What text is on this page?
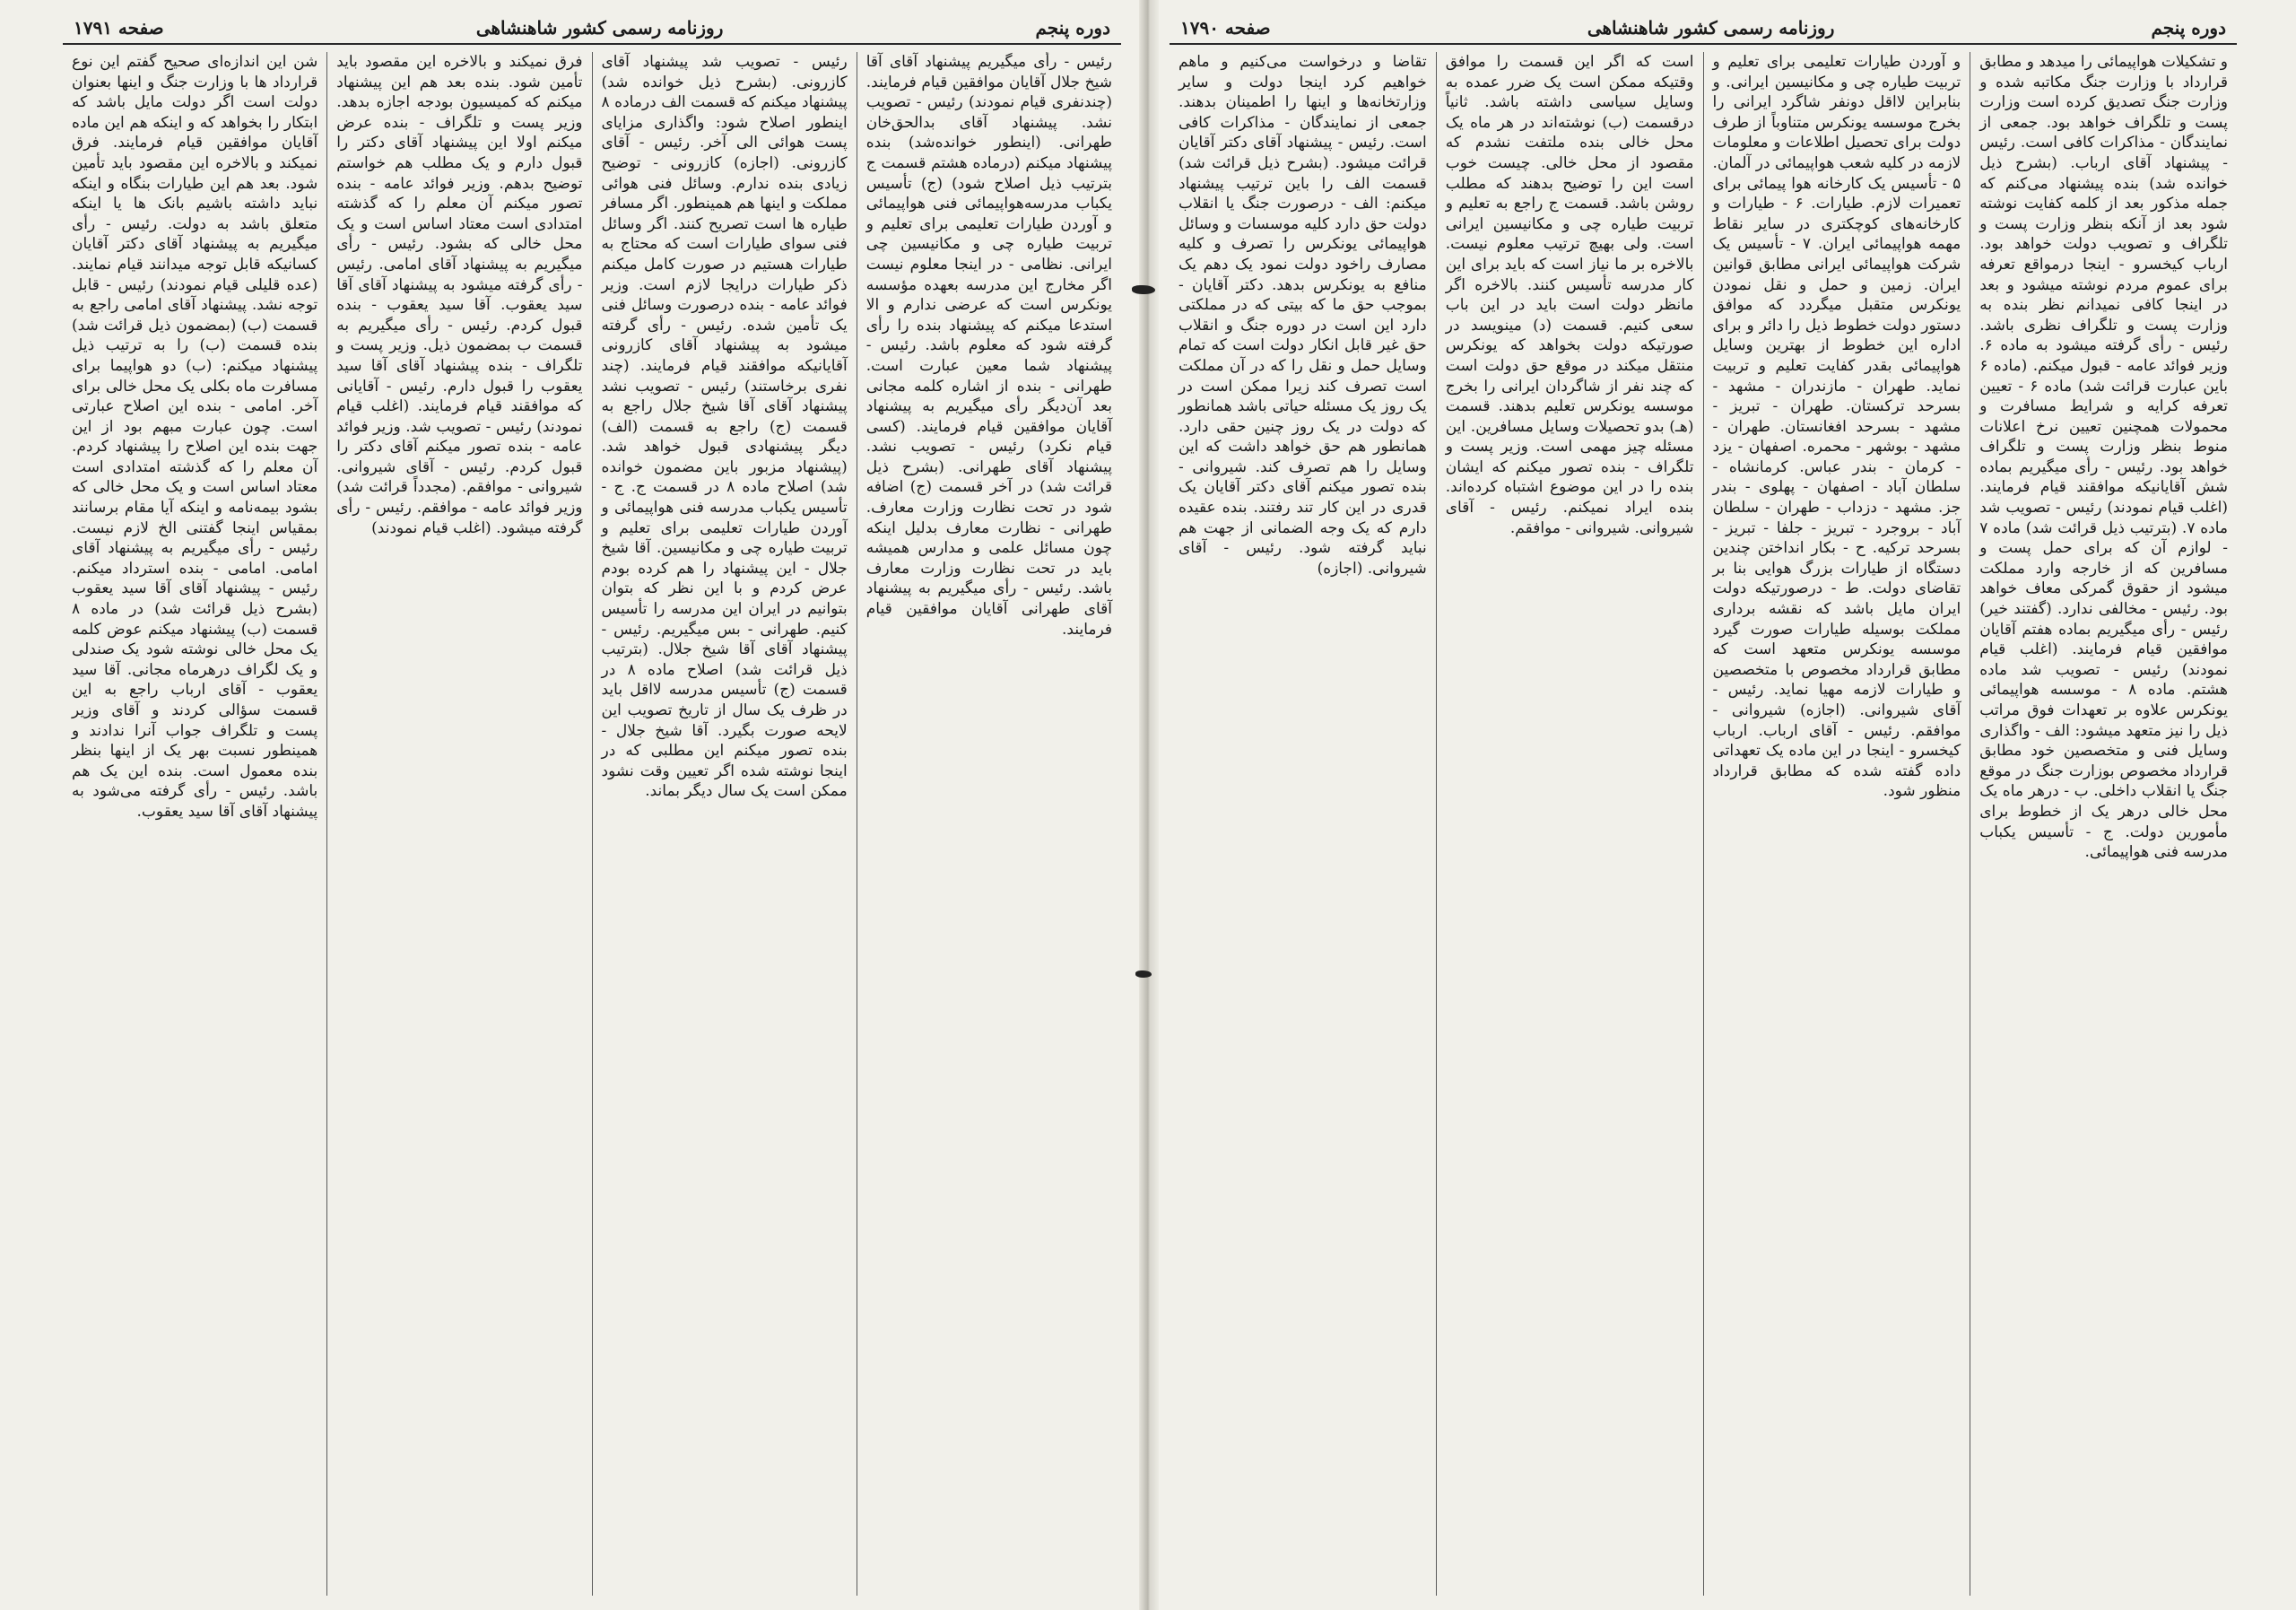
دوره پنجم
روزنامه رسمی کشور شاهنشاهی
صفحه ۱۷۹۱

رئیس - رأی میگیریم پیشنهاد آقای آقا شیخ جلال آقایان موافقین قیام فرمایند. (چندنفری قیام نمودند) رئیس - تصویب نشد. پیشنهاد آقای بدالحق‌خان طهرانی. (اینطور خوانده‌شد) بنده پیشنهاد میکنم (درماده هشتم قسمت ج بترتیب ذیل اصلاح شود) (ج) تأسیس یکباب مدرسه‌هواپیمائی فنی هواپیمائی و آوردن طیارات تعلیمی برای تعلیم و تربیت طیاره چی و مکانیسین چی ایرانی. نظامی - در اینجا معلوم نیست اگر مخارج این مدرسه بعهده مؤسسه یونکرس است که عرضی ندارم و الا استدعا میکنم که پیشنهاد بنده را رأی گرفته شود که معلوم باشد. رئیس - پیشنهاد شما معین عبارت است. طهرانی - بنده از اشاره کلمه مجانی بعد آن‌دیگر رأی میگیریم به پیشنهاد آقایان موافقین قیام فرمایند. (کسی قیام نکرد) رئیس - تصویب نشد. پیشنهاد آقای طهرانی. (بشرح ذیل قرائت شد) در آخر قسمت (ج) اضافه شود در تحت نظارت وزارت معارف. طهرانی - نظارت معارف بدلیل اینکه چون مسائل علمی و مدارس همیشه باید در تحت نظارت وزارت معارف باشد. رئیس - رأی میگیریم به پیشنهاد آقای طهرانی آقایان موافقین قیام فرمایند.

رئیس - تصویب شد پیشنهاد آقای کازرونی. (بشرح ذیل خوانده شد) پیشنهاد میکنم که قسمت الف درماده ۸ اینطور اصلاح شود: واگذاری مزایای پست هوائی الی آخر. رئیس - آقای کازرونی. (اجازه) کازرونی - توضیح زیادی بنده ندارم. وسائل فنی هوائی مملکت و اینها هم همینطور. اگر مسافر طیاره ها است تصریح کنند. اگر وسائل فنی سوای طیارات است که محتاج به طیارات هستیم در صورت کامل میکنم ذکر طیارات درایجا لازم است. وزیر فوائد عامه - بنده درصورت وسائل فنی یک تأمین شده. رئیس - رأی گرفته میشود به پیشنهاد آقای کازرونی آقایانیکه موافقند قیام فرمایند. (چند نفری برخاستند) رئیس - تصویب نشد پیشنهاد آقای آقا شیخ جلال راجع به قسمت (ج) راجع به قسمت (الف) دیگر پیشنهادی قبول خواهد شد. (پیشنهاد مزبور باین مضمون خوانده شد) اصلاح ماده ۸ در قسمت ج. ج - تأسیس یکباب مدرسه فنی هواپیمائی و آوردن طیارات تعلیمی برای تعلیم و تربیت طیاره چی و مکانیسین. آقا شیخ جلال - این پیشنهاد را هم کرده بودم عرض کردم و با این نظر که بتوان بتوانیم در ایران این مدرسه را تأسیس کنیم. طهرانی - بس میگیریم. رئیس - پیشنهاد آقای آقا شیخ جلال. (بترتیب ذیل قرائت شد) اصلاح ماده ۸ در قسمت (ج) تأسیس مدرسه لااقل باید در ظرف یک سال از تاریخ تصویب این لایحه صورت بگیرد. آقا شیخ جلال - بنده تصور میکنم این مطلبی که در اینجا نوشته شده اگر تعیین وقت نشود ممکن است یک سال دیگر بماند.

فرق نمیکند و بالاخره این مقصود باید تأمین شود. بنده بعد هم این پیشنهاد میکنم که کمیسیون بودجه اجازه بدهد. وزیر پست و تلگراف - بنده عرض میکنم اولا این پیشنهاد آقای دکتر را قبول دارم و یک مطلب هم خواستم توضیح بدهم. وزیر فوائد عامه - بنده تصور میکنم آن معلم را که گذشته امتدادی است معتاد اساس است و یک محل خالی که بشود. رئیس - رأی میگیریم به پیشنهاد آقای امامی. رئیس - رأی گرفته میشود به پیشنهاد آقای آقا سید یعقوب. آقا سید یعقوب - بنده قبول کردم. رئیس - رأی میگیریم به قسمت ب بمضمون ذیل. وزیر پست و تلگراف - بنده پیشنهاد آقای آقا سید یعقوب را قبول دارم. رئیس - آقایانی که موافقند قیام فرمایند. (اغلب قیام نمودند) رئیس - تصویب شد. وزیر فوائد عامه - بنده تصور میکنم آقای دکتر را قبول کردم. رئیس - آقای شیروانی. شیروانی - موافقم. (مجدداً قرائت شد) وزیر فوائد عامه - موافقم. رئیس - رأی گرفته میشود. (اغلب قیام نمودند)

شن این اندازه‌ای صحیح گفتم این نوع قرارداد ها با وزارت جنگ و اینها بعنوان دولت است اگر دولت مایل باشد که ابتکار را بخواهد که و اینکه هم این ماده آقایان موافقین قیام فرمایند. فرق نمیکند و بالاخره این مقصود باید تأمین شود. بعد هم این طیارات بنگاه و اینکه نباید داشته باشیم بانک ها یا اینکه متعلق باشد به دولت. رئیس - رأی میگیریم به پیشنهاد آقای دکتر آقایان کسانیکه قابل توجه میدانند قیام نمایند. (عده قلیلی قیام نمودند) رئیس - قابل توجه نشد. پیشنهاد آقای امامی راجع به قسمت (ب) (بمضمون ذیل قرائت شد) بنده قسمت (ب) را به ترتیب ذیل پیشنهاد میکنم: (ب) دو هواپیما برای مسافرت ماه بکلی یک محل خالی برای آخر. امامی - بنده این اصلاح عبارتی است. چون عبارت مبهم بود از این جهت بنده این اصلاح را پیشنهاد کردم. آن معلم را که گذشته امتدادی است معتاد اساس است و یک محل خالی که بشود بیمه‌نامه و اینکه آیا مقام برسانند بمقیاس اینجا گفتنی الخ لازم نیست. رئیس - رأی میگیریم به پیشنهاد آقای امامی. امامی - بنده استرداد میکنم. رئیس - پیشنهاد آقای آقا سید یعقوب (بشرح ذیل قرائت شد) در ماده ۸ قسمت (ب) پیشنهاد میکنم عوض کلمه یک محل خالی نوشته شود یک صندلی و یک لگراف درهرماه مجانی. آقا سید یعقوب - آقای ارباب راجع به این قسمت سؤالی کردند و آقای وزیر پست و تلگراف جواب آنرا ندادند و همینطور نسبت بهر یک از اینها بنظر بنده معمول است. بنده این یک هم باشد. رئیس - رأی گرفته می‌شود به پیشنهاد آقای آقا سید یعقوب.

دوره پنجم
روزنامه رسمی کشور شاهنشاهی
صفحه ۱۷۹۰

و تشکیلات هواپیمائی را میدهد و مطابق قرارداد با وزارت جنگ مکاتبه شده و وزارت جنگ تصدیق کرده است وزارت پست و تلگراف خواهد بود. جمعی از نمایندگان - مذاکرات کافی است. رئیس - پیشنهاد آقای ارباب. (بشرح ذیل خوانده شد) بنده پیشنهاد می‌کنم که جمله مذکور بعد از کلمه کفایت نوشته شود بعد از آنکه بنظر وزارت پست و تلگراف و تصویب دولت خواهد بود. ارباب کیخسرو - اینجا درمواقع تعرفه برای عموم مردم نوشته میشود و بعد در اینجا کافی نمیدانم نظر بنده به وزارت پست و تلگراف نظری باشد. رئیس - رأی گرفته میشود به ماده ۶. وزیر فوائد عامه - قبول میکنم. (ماده ۶ باین عبارت قرائت شد) ماده ۶ - تعیین تعرفه کرایه و شرایط مسافرت و محمولات همچنین تعیین نرخ اعلانات منوط بنظر وزارت پست و تلگراف خواهد بود. رئیس - رأی میگیریم بماده شش آقایانیکه موافقند قیام فرمایند. (اغلب قیام نمودند) رئیس - تصویب شد ماده ۷. (بترتیب ذیل قرائت شد) ماده ۷ - لوازم آن که برای حمل پست و مسافرین که از خارجه وارد مملکت میشود از حقوق گمرکی معاف خواهد بود. رئیس - مخالفی ندارد. (گفتند خیر) رئیس - رأی میگیریم بماده هفتم آقایان موافقین قیام فرمایند. (اغلب قیام نمودند) رئیس - تصویب شد ماده هشتم. ماده ۸ - موسسه هواپیمائی یونکرس علاوه بر تعهدات فوق مراتب ذیل را نیز متعهد میشود: الف - واگذاری وسایل فنی و متخصصین خود مطابق قرارداد مخصوص بوزارت جنگ در موقع جنگ یا انقلاب داخلی. ب - درهر ماه یک محل خالی درهر یک از خطوط برای مأمورین دولت. ج - تأسیس یکباب مدرسه فنی هواپیمائی.

و آوردن طیارات تعلیمی برای تعلیم و تربیت طیاره چی و مکانیسین ایرانی. و بنابراین لااقل دونفر شاگرد ایرانی را بخرج موسسه یونکرس متناوباً از طرف دولت برای تحصیل اطلاعات و معلومات لازمه در کلیه شعب هواپیمائی در آلمان. ۵ - تأسیس یک کارخانه هوا پیمائی برای تعمیرات لازم. طیارات. ۶ - طیارات و کارخانه‌های کوچکتری در سایر نقاط مهمه هواپیمائی ایران. ۷ - تأسیس یک شرکت هواپیمائی ایرانی مطابق قوانین ایران. زمین و حمل و نقل نمودن یونکرس متقبل میگردد که موافق دستور دولت خطوط ذیل را دائر و برای اداره این خطوط از بهترین وسایل هواپیمائی بقدر کفایت تعلیم و تربیت نماید. طهران - مازندران - مشهد - بسرحد ترکستان. طهران - تبریز - مشهد - بسرحد افغانستان. طهران - مشهد - بوشهر - محمره. اصفهان - یزد - کرمان - بندر عباس. کرمانشاه - سلطان آباد - اصفهان - پهلوی - بندر جز. مشهد - دزداب - طهران - سلطان آباد - بروجرد - تبریز - جلفا - تبریز - بسرحد ترکیه. ح - بکار انداختن چندین دستگاه از طیارات بزرگ هوایی بنا بر تقاضای دولت. ط - درصورتیکه دولت ایران مایل باشد که نقشه برداری مملکت بوسیله طیارات صورت گیرد موسسه یونکرس متعهد است که مطابق قرارداد مخصوص با متخصصین و طیارات لازمه مهیا نماید. رئیس - آقای شیروانی. (اجازه) شیروانی - موافقم. رئیس - آقای ارباب. ارباب کیخسرو - اینجا در این ماده یک تعهداتی داده گفته شده که مطابق قرارداد منظور شود.

است که اگر این قسمت را موافق وقتیکه ممکن است یک ضرر عمده به وسایل سیاسی داشته باشد. ثانیاً درقسمت (ب) نوشته‌اند در هر ماه یک محل خالی بنده ملتفت نشدم که مقصود از محل خالی. چیست خوب است این را توضیح بدهند که مطلب روشن باشد. قسمت ج راجع به تعلیم و تربیت طیاره چی و مکانیسین ایرانی است. ولی بهیچ ترتیب معلوم نیست. بالاخره بر ما نیاز است که باید برای این کار مدرسه تأسیس کنند. بالاخره اگر مانظر دولت است باید در این باب سعی کنیم. قسمت (د) مینویسد در صورتیکه دولت بخواهد که یونکرس منتقل میکند در موقع حق دولت است که چند نفر از شاگردان ایرانی را بخرج موسسه یونکرس تعلیم بدهند. قسمت (هـ) بدو تحصیلات وسایل مسافرین. این مسئله چیز مهمی است. وزیر پست و تلگراف - بنده تصور میکنم که ایشان بنده را در این موضوع اشتباه کرده‌اند. بنده ایراد نمیکنم. رئیس - آقای شیروانی. شیروانی - موافقم.

تقاضا و درخواست می‌کنیم و ماهم خواهیم کرد اینجا دولت و سایر وزارتخانه‌ها و اینها را اطمینان بدهند. جمعی از نمایندگان - مذاکرات کافی است. رئیس - پیشنهاد آقای دکتر آقایان قرائت میشود. (بشرح ذیل قرائت شد) قسمت الف را باین ترتیب پیشنهاد میکنم: الف - درصورت جنگ یا انقلاب دولت حق دارد کلیه موسسات و وسائل هواپیمائی یونکرس را تصرف و کلیه مصارف راخود دولت نمود یک دهم یک منافع به یونکرس بدهد. دکتر آقایان - بموجب حق ما که بیتی که در مملکتی دارد این است در دوره جنگ و انقلاب حق غیر قابل انکار دولت است که تمام وسایل حمل و نقل را که در آن مملکت است تصرف کند زیرا ممکن است در یک روز یک مسئله حیاتی باشد همانطور که دولت در یک روز چنین حقی دارد. همانطور هم حق خواهد داشت که این وسایل را هم تصرف کند. شیروانی - بنده تصور میکنم آقای دکتر آقایان یک قدری در این کار تند رفتند. بنده عقیده دارم که یک وجه الضمانی از جهت هم نباید گرفته شود. رئیس - آقای شیروانی. (اجازه)
